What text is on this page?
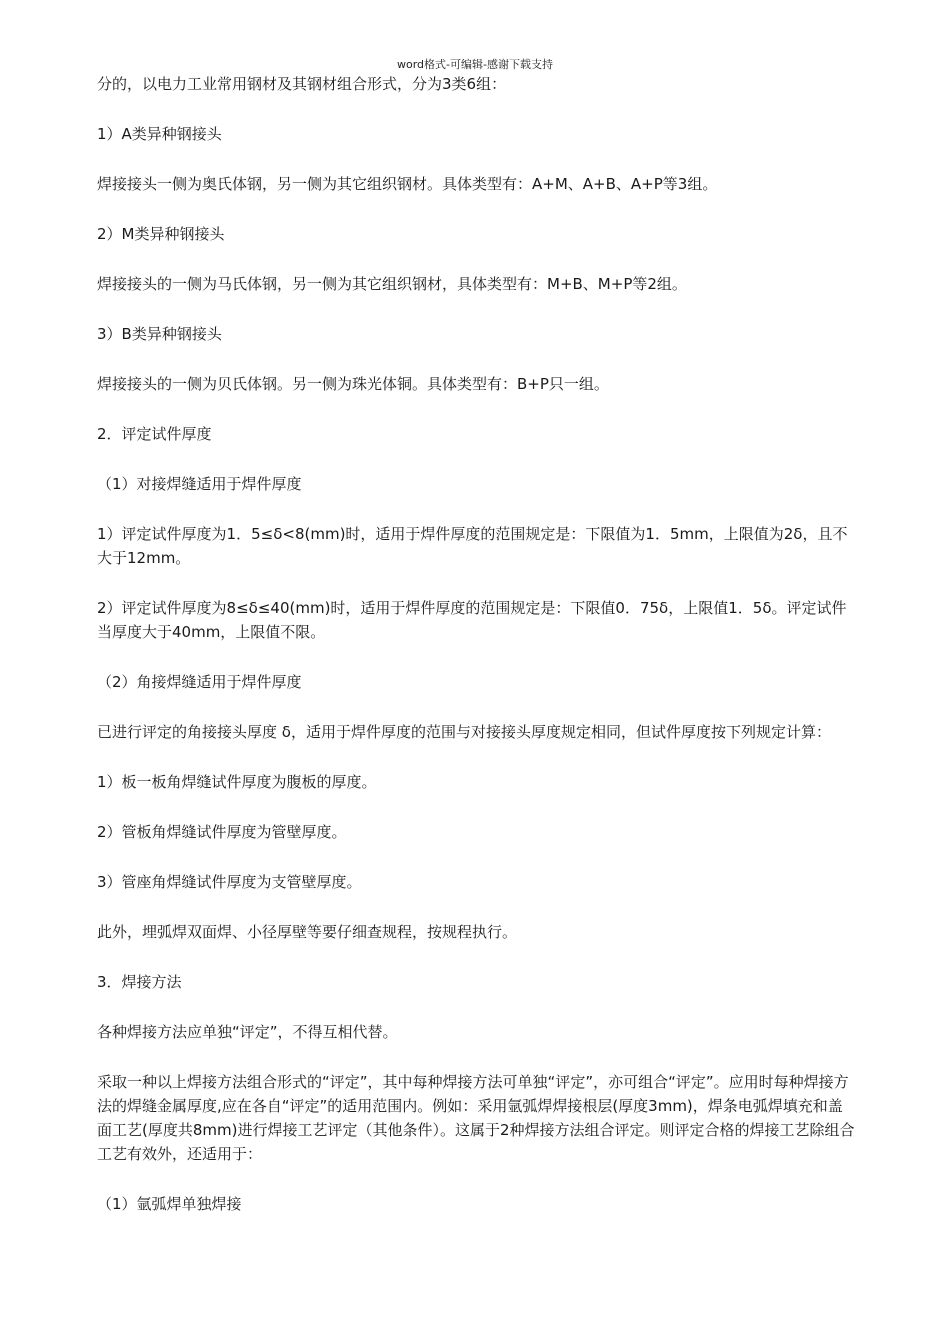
word格式-可编辑-感谢下载支持

分的，以电力工业常用钢材及其钢材组合形式，分为3类6组：

1）A类异种钢接头

焊接接头一侧为奥氏体钢，另一侧为其它组织钢材。具体类型有：A+M、A+B、A+P等3组。

2）M类异种钢接头

焊接接头的一侧为马氏体钢，另一侧为其它组织钢材，具体类型有：M+B、M+P等2组。

3）B类异种钢接头

焊接接头的一侧为贝氏体钢。另一侧为珠光体铜。具体类型有：B+P只一组。

2．评定试件厚度

（1）对接焊缝适用于焊件厚度

1）评定试件厚度为1．5≤δ<8(mm)时，适用于焊件厚度的范围规定是：下限值为1．5mm，上限值为2δ，且不大于12mm。

2）评定试件厚度为8≤δ≤40(mm)时，适用于焊件厚度的范围规定是：下限值0．75δ，上限值1．5δ。评定试件当厚度大于40mm，上限值不限。

（2）角接焊缝适用于焊件厚度

已进行评定的角接接头厚度 δ，适用于焊件厚度的范围与对接接头厚度规定相同，但试件厚度按下列规定计算：

1）板一板角焊缝试件厚度为腹板的厚度。

2）管板角焊缝试件厚度为管壁厚度。

3）管座角焊缝试件厚度为支管壁厚度。

此外，埋弧焊双面焊、小径厚壁等要仔细查规程，按规程执行。

3．焊接方法

各种焊接方法应单独“评定”，不得互相代替。

采取一种以上焊接方法组合形式的“评定”，其中每种焊接方法可单独“评定”，亦可组合“评定”。应用时每种焊接方法的焊缝金属厚度,应在各自“评定”的适用范围内。例如：采用氩弧焊焊接根层(厚度3mm)，焊条电弧焊填充和盖面工艺(厚度共8mm)进行焊接工艺评定（其他条件）。这属于2种焊接方法组合评定。则评定合格的焊接工艺除组合工艺有效外，还适用于：

（1）氩弧焊单独焊接
